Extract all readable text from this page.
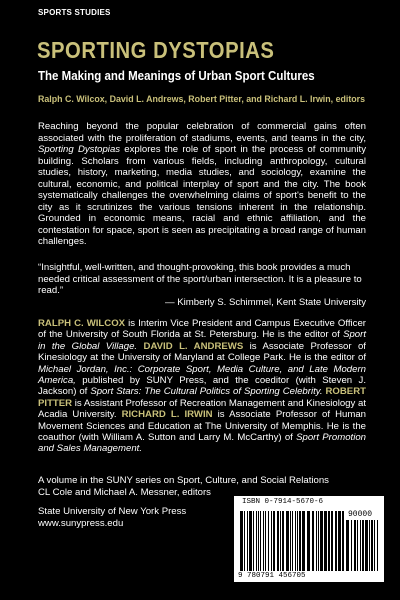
SPORTS STUDIES
SPORTING DYSTOPIAS
The Making and Meanings of Urban Sport Cultures
Ralph C. Wilcox, David L. Andrews, Robert Pitter, and Richard L. Irwin, editors
Reaching beyond the popular celebration of commercial gains often associated with the proliferation of stadiums, events, and teams in the city, Sporting Dystopias explores the role of sport in the process of community building. Scholars from various fields, including anthropology, cultural studies, history, marketing, media studies, and sociology, examine the cultural, economic, and political interplay of sport and the city. The book systematically challenges the overwhelming claims of sport's benefit to the city as it scrutinizes the various tensions inherent in the relationship. Grounded in economic means, racial and ethnic affiliation, and the contestation for space, sport is seen as precipitating a broad range of human challenges.
“Insightful, well-written, and thought-provoking, this book provides a much needed critical assessment of the sport/urban intersection. It is a pleasure to read.”
— Kimberly S. Schimmel, Kent State University
RALPH C. WILCOX is Interim Vice President and Campus Executive Officer of the University of South Florida at St. Petersburg. He is the editor of Sport in the Global Village. DAVID L. ANDREWS is Associate Professor of Kinesiology at the University of Maryland at College Park. He is the editor of Michael Jordan, Inc.: Corporate Sport, Media Culture, and Late Modern America, published by SUNY Press, and the coeditor (with Steven J. Jackson) of Sport Stars: The Cultural Politics of Sporting Celebrity. ROBERT PITTER is Assistant Professor of Recreation Management and Kinesiology at Acadia University. RICHARD L. IRWIN is Associate Professor of Human Movement Sciences and Education at The University of Memphis. He is the coauthor (with William A. Sutton and Larry M. McCarthy) of Sport Promotion and Sales Management.
A volume in the SUNY series on Sport, Culture, and Social Relations
CL Cole and Michael A. Messner, editors
State University of New York Press
www.sunypress.edu
ISBN 0-7914-5670-6
90000
9 780791 456705
